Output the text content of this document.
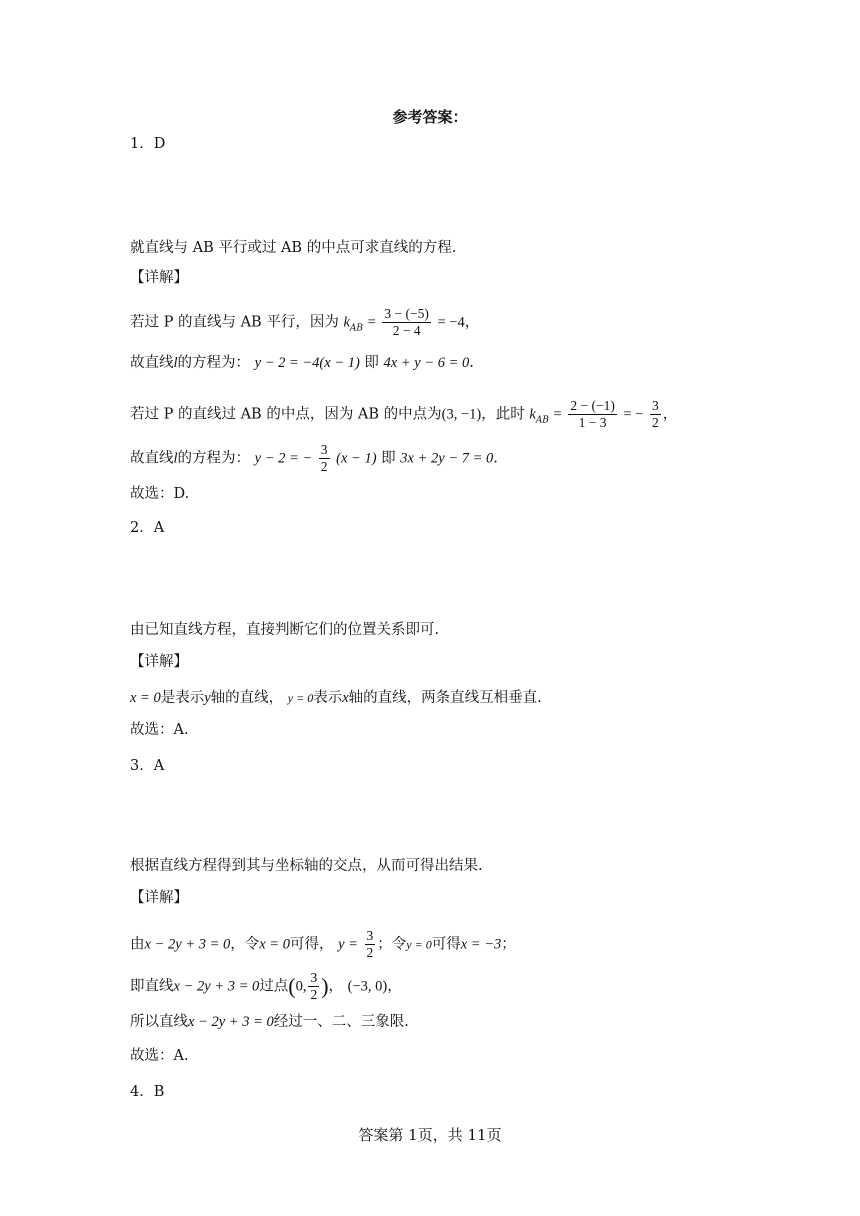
参考答案：
1．D
就直线与 AB 平行或过 AB 的中点可求直线的方程.
【详解】
若过 P 的直线与 AB 平行，因为 $k_{AB} = \frac{3 - (-5)}{2 - 4} = -4$，
故直线l的方程为： y − 2 = −4(x − 1) 即 4x + y − 6 = 0.
若过 P 的直线过 AB 的中点，因为 AB 的中点为(3, −1)，此时 $k_{AB} = \frac{2 - (-1)}{1 - 3}$ = − $\frac{3}{2}$ ，
故直线l的方程为： y − 2 = − $\frac{3}{2} (x - 1)$ 即 3x + 2y − 7 = 0.
故选：D.
2．A
由已知直线方程，直接判断它们的位置关系即可.
【详解】
x = 0是表示y轴的直线， y = 0表示x轴的直线，两条直线互相垂直.
故选：A.
3．A
根据直线方程得到其与坐标轴的交点，从而可得出结果.
【详解】
由x − 2y + 3 = 0，令x = 0可得， $y = \frac{3}{2}$ ；令y = 0可得x = −3；
即直线x − 2y + 3 = 0过点(0, $\frac{3}{2}$ )， (−3, 0)，
所以直线x − 2y + 3 = 0经过一、二、三象限.
故选：A.
4．B
答案第 1页，共 11页
